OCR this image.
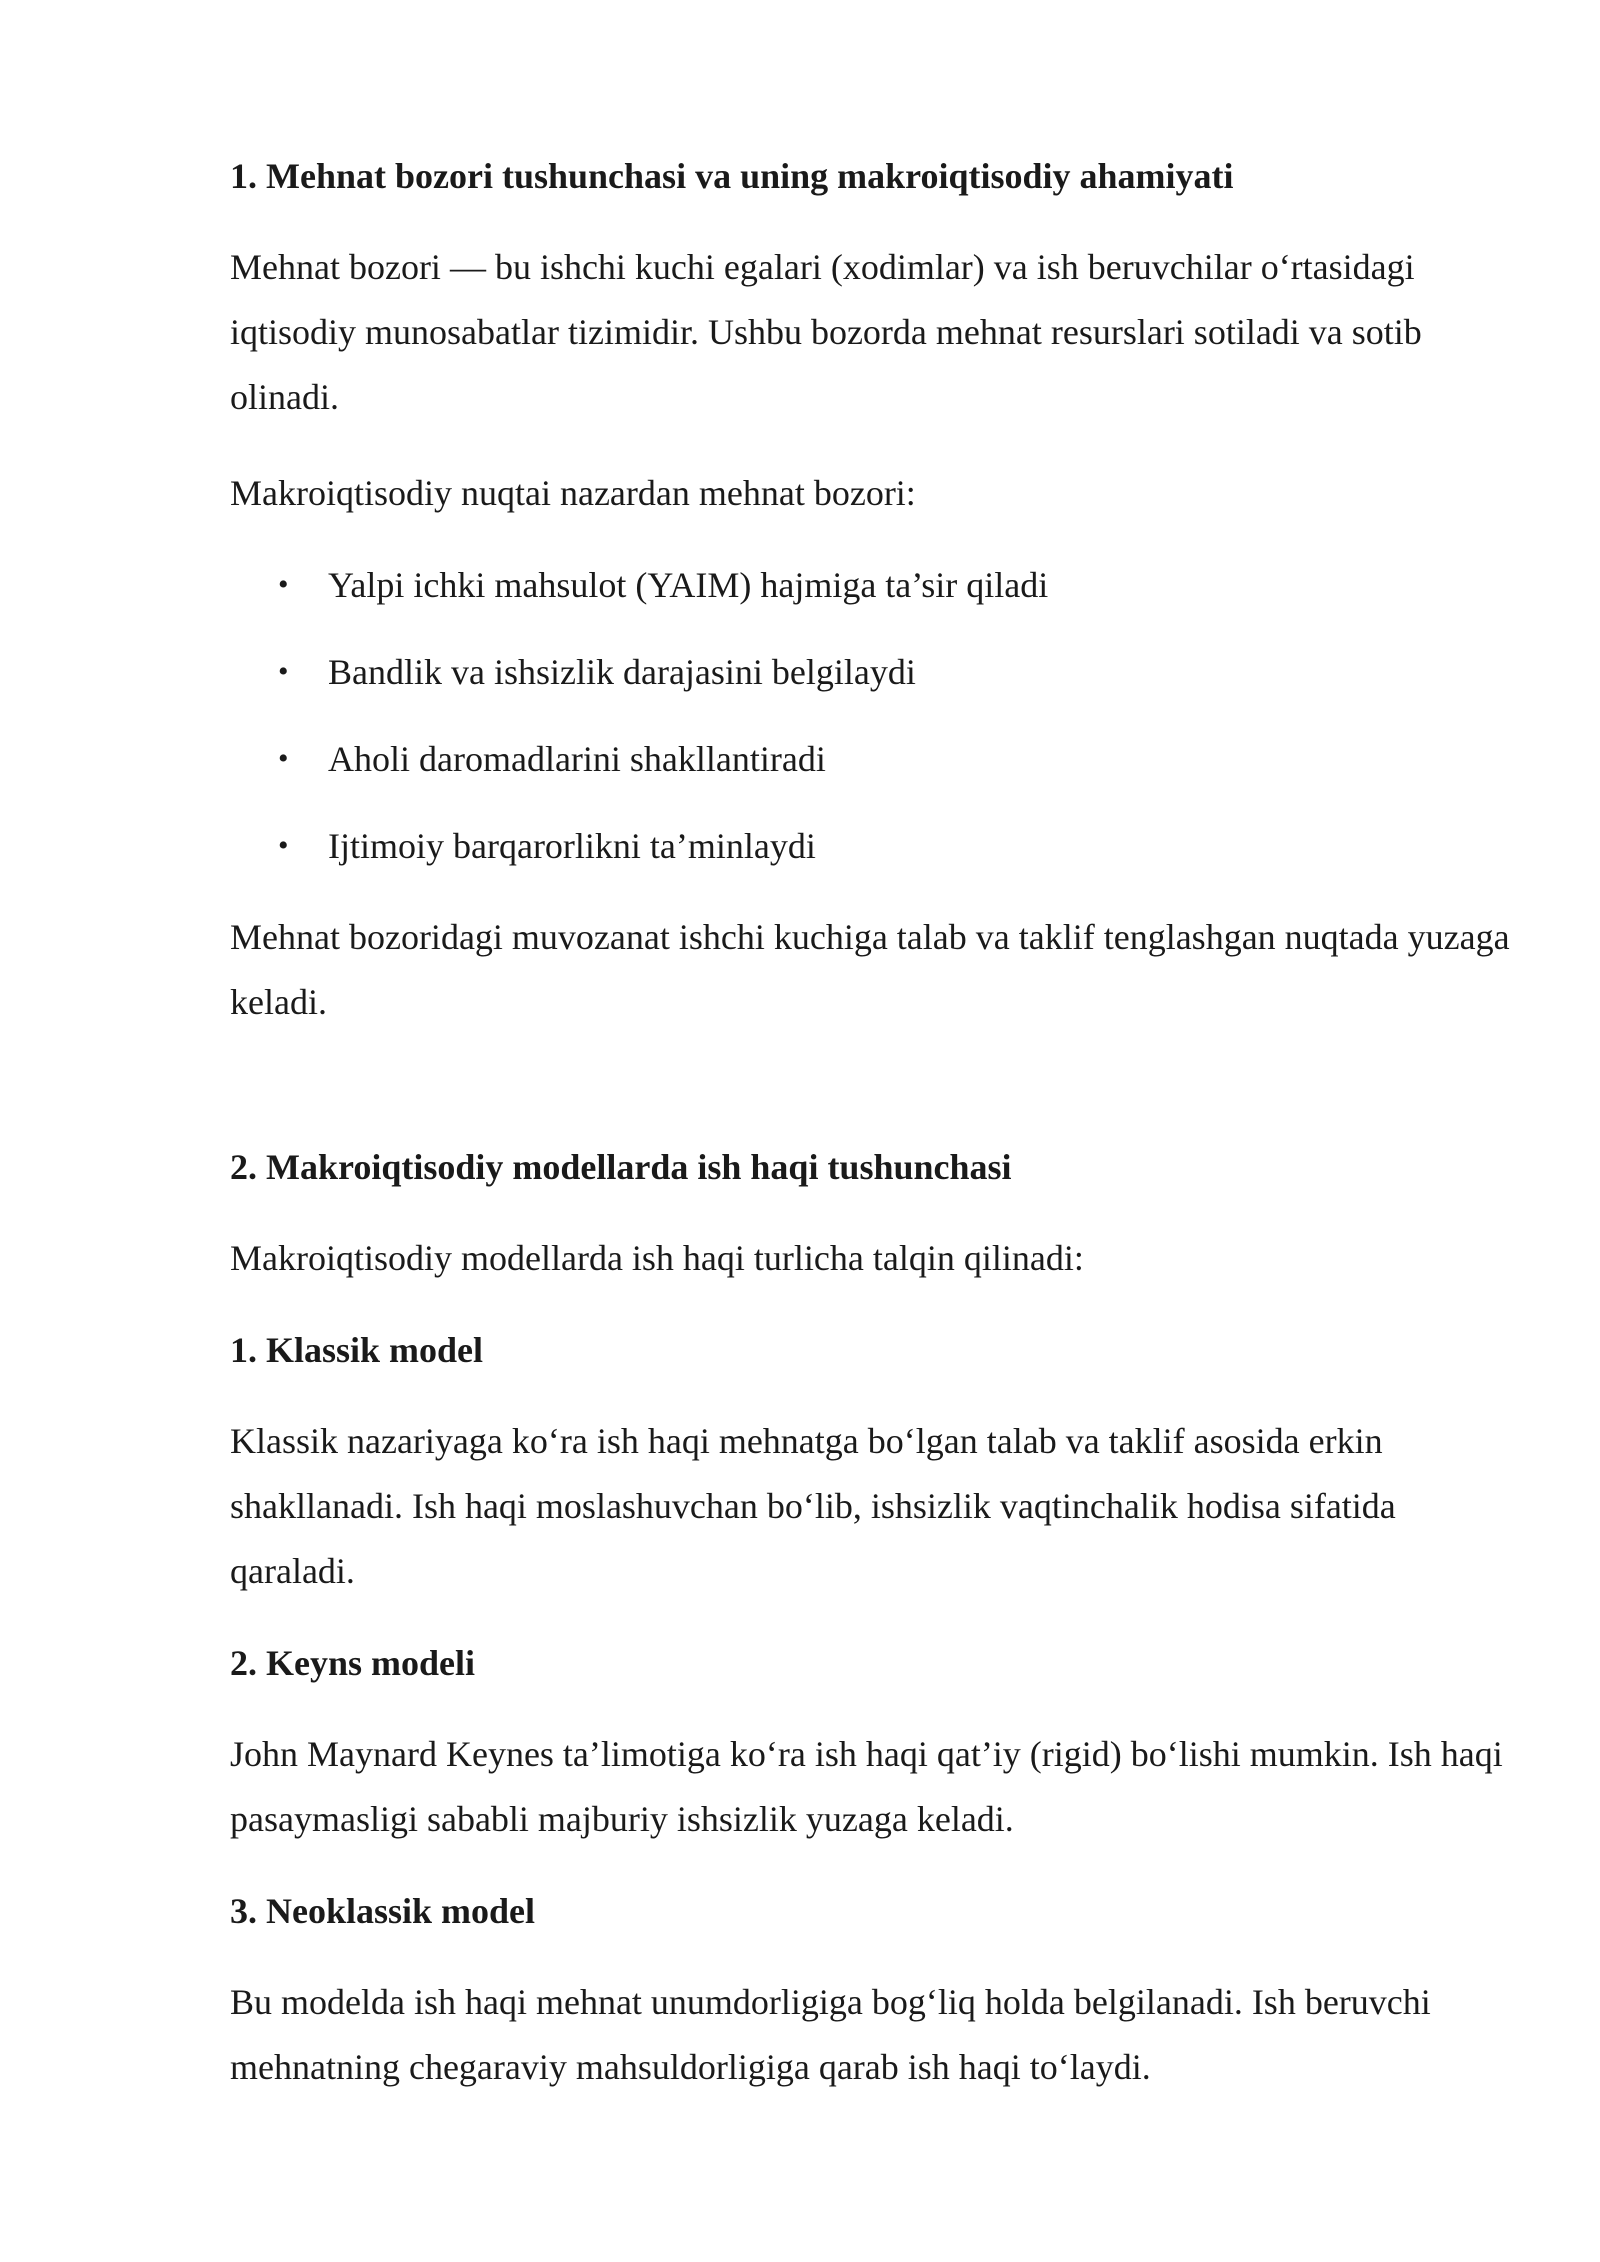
1. Mehnat bozori tushunchasi va uning makroiqtisodiy ahamiyati

Mehnat bozori — bu ishchi kuchi egalari (xodimlar) va ish beruvchilar o‘rtasidagi iqtisodiy munosabatlar tizimidir. Ushbu bozorda mehnat resurslari sotiladi va sotib olinadi.

Makroiqtisodiy nuqtai nazardan mehnat bozori:

• Yalpi ichki mahsulot (YAIM) hajmiga ta’sir qiladi
• Bandlik va ishsizlik darajasini belgilaydi
• Aholi daromadlarini shakllantiradi
• Ijtimoiy barqarorlikni ta’minlaydi

Mehnat bozoridagi muvozanat ishchi kuchiga talab va taklif tenglashgan nuqtada yuzaga keladi.

2. Makroiqtisodiy modellarda ish haqi tushunchasi

Makroiqtisodiy modellarda ish haqi turlicha talqin qilinadi:

1. Klassik model

Klassik nazariyaga ko‘ra ish haqi mehnatga bo‘lgan talab va taklif asosida erkin shakllanadi. Ish haqi moslashuvchan bo‘lib, ishsizlik vaqtinchalik hodisa sifatida qaraladi.

2. Keyns modeli

John Maynard Keynes ta’limotiga ko‘ra ish haqi qat’iy (rigid) bo‘lishi mumkin. Ish haqi pasaymasligi sababli majburiy ishsizlik yuzaga keladi.

3. Neoklassik model

Bu modelda ish haqi mehnat unumdorligiga bog‘liq holda belgilanadi. Ish beruvchi mehnatning chegaraviy mahsuldorligiga qarab ish haqi to‘laydi.
